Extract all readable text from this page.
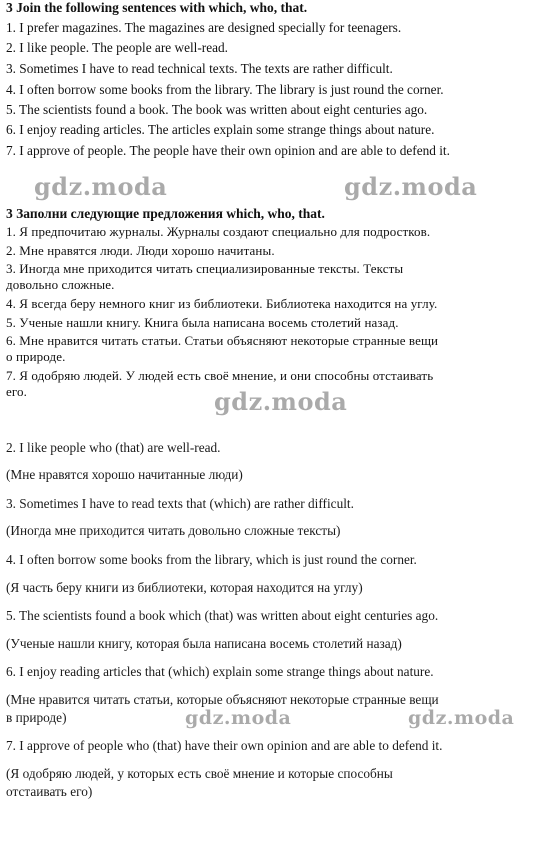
3 Join the following sentences with which, who, that.
1. I prefer magazines. The magazines are designed specially for teenagers.
2. I like people. The people are well-read.
3. Sometimes I have to read technical texts. The texts are rather difficult.
4. I often borrow some books from the library. The library is just round the corner.
5. The scientists found a book. The book was written about eight centuries ago.
6. I enjoy reading articles. The articles explain some strange things about nature.
7. I approve of people. The people have their own opinion and are able to defend it.
gdz.moda	gdz.moda
3 Заполни следующие предложения which, who, that.
1. Я предпочитаю журналы. Журналы создают специально для подростков.
2. Мне нравятся люди. Люди хорошо начитаны.
3. Иногда мне приходится читать специализированные тексты. Тексты
довольно сложные.
4. Я всегда беру немного книг из библиотеки. Библиотека находится на углу.
5. Ученые нашли книгу. Книга была написана восемь столетий назад.
6. Мне нравится читать статьи. Статьи объясняют некоторые странные вещи
о природе.
7. Я одобряю людей. У людей есть своё мнение, и они способны отстаивать
его.	gdz.moda
2. I like people who (that) are well-read.
(Мне нравятся хорошо начитанные люди)
3. Sometimes I have to read texts that (which) are rather difficult.
(Иногда мне приходится читать довольно сложные тексты)
4. I often borrow some books from the library, which is just round the corner.
(Я часть беру книги из библиотеки, которая находится на углу)
5. The scientists found a book which (that) was written about eight centuries ago.
(Ученые нашли книгу, которая была написана восемь столетий назад)
6. I enjoy reading articles that (which) explain some strange things about nature.
(Мне нравится читать статьи, которые объясняют некоторые странные вещи
в природе)	gdz.moda	gdz.moda
7. I approve of people who (that) have their own opinion and are able to defend it.
(Я одобряю людей, у которых есть своё мнение и которые способны
отстаивать его)
